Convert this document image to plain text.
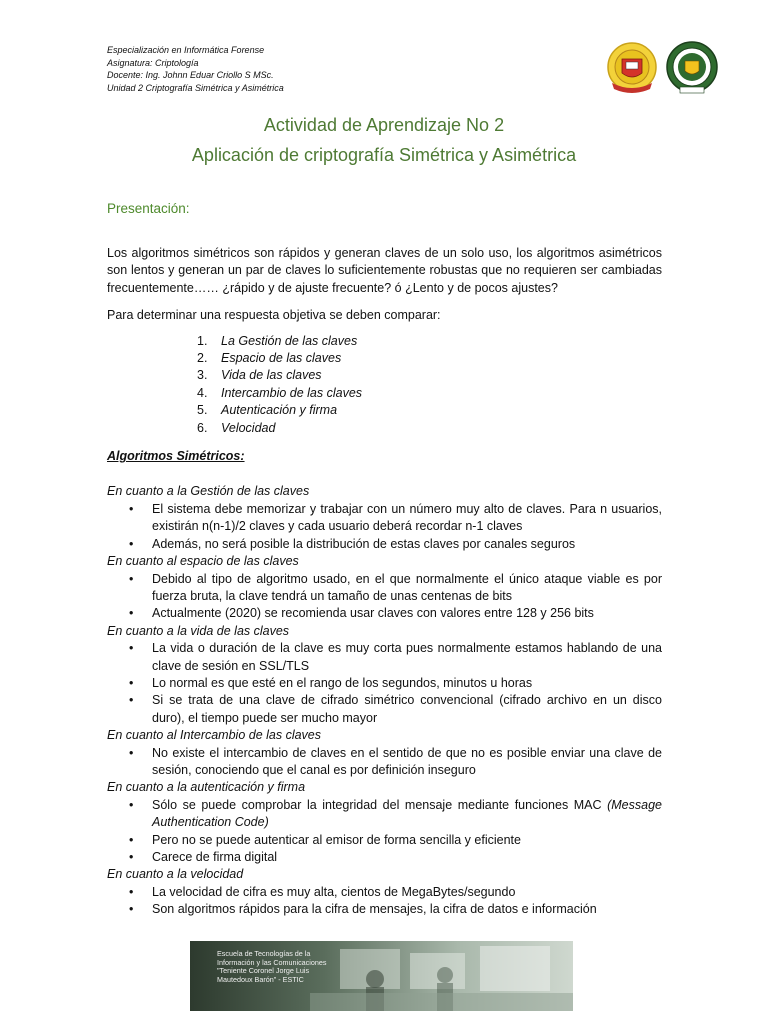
Especialización en Informática Forense
Asignatura: Criptología
Docente: Ing. Johnn Eduar Criollo S MSc.
Unidad 2 Criptografía Simétrica y Asimétrica
Actividad de Aprendizaje No 2
Aplicación de criptografía Simétrica y Asimétrica
Presentación:

Los algoritmos simétricos son rápidos y generan claves de un solo uso, los algoritmos asimétricos son lentos y generan un par de claves lo suficientemente robustas que no requieren ser cambiadas frecuentemente…… ¿rápido y de ajuste frecuente? ó ¿Lento y de pocos ajustes?

Para determinar una respuesta objetiva se deben comparar:

1.	La Gestión de las claves
2.	Espacio de las claves
3.	Vida de las claves
4.	Intercambio de las claves
5.	Autenticación y firma
6.	Velocidad
Algoritmos Simétricos:
En cuanto a la Gestión de las claves
• El sistema debe memorizar y trabajar con un número muy alto de claves. Para n usuarios, existirán n(n-1)/2 claves y cada usuario deberá recordar n-1 claves
• Además, no será posible la distribución de estas claves por canales seguros
En cuanto al espacio de las claves
• Debido al tipo de algoritmo usado, en el que normalmente el único ataque viable es por fuerza bruta, la clave tendrá un tamaño de unas centenas de bits
• Actualmente (2020) se recomienda usar claves con valores entre 128 y 256 bits
En cuanto a la vida de las claves
• La vida o duración de la clave es muy corta pues normalmente estamos hablando de una clave de sesión en SSL/TLS
• Lo normal es que esté en el rango de los segundos, minutos u horas
• Si se trata de una clave de cifrado simétrico convencional (cifrado archivo en un disco duro), el tiempo puede ser mucho mayor
En cuanto al Intercambio de las claves
• No existe el intercambio de claves en el sentido de que no es posible enviar una clave de sesión, conociendo que el canal es por definición inseguro
En cuanto a la autenticación y firma
• Sólo se puede comprobar la integridad del mensaje mediante funciones MAC (Message Authentication Code)
• Pero no se puede autenticar al emisor de forma sencilla y eficiente
• Carece de firma digital
En cuanto a la velocidad
• La velocidad de cifra es muy alta, cientos de MegaBytes/segundo
• Son algoritmos rápidos para la cifra de mensajes, la cifra de datos e información
Escuela de Tecnologías de la Información y las Comunicaciones "Teniente Coronel Jorge Luis Mautedoux Barón" - ESTIC
